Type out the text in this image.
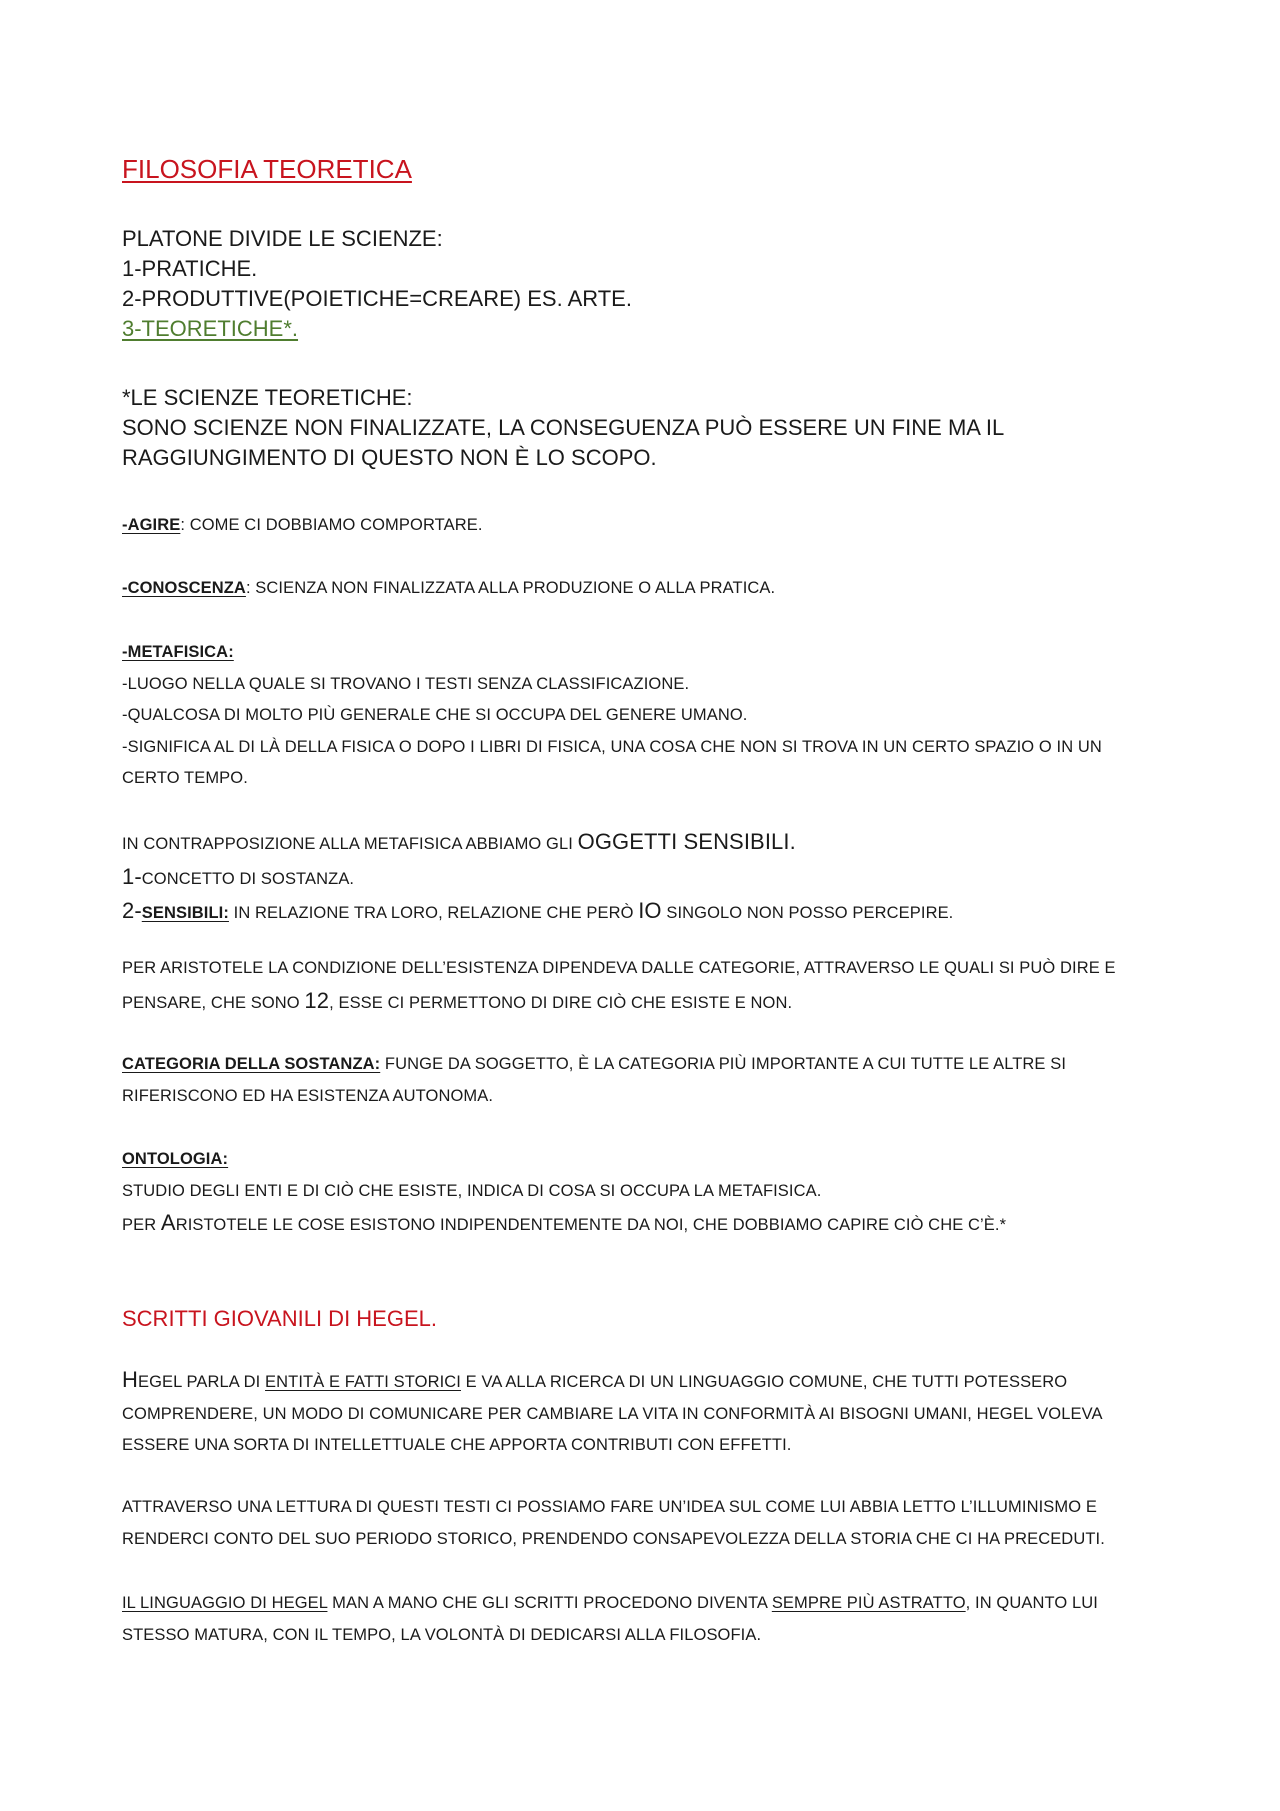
FILOSOFIA TEORETICA
PLATONE DIVIDE LE SCIENZE:
1-PRATICHE.
2-PRODUTTIVE(POIETICHE=CREARE) ES. ARTE.
3-TEORETICHE*.
*LE SCIENZE TEORETICHE:
SONO SCIENZE NON FINALIZZATE, LA CONSEGUENZA PUÒ ESSERE UN FINE MA IL
RAGGIUNGIMENTO DI QUESTO NON È LO SCOPO.
-AGIRE: COME CI DOBBIAMO COMPORTARE.
-CONOSCENZA: SCIENZA NON FINALIZZATA ALLA PRODUZIONE O ALLA PRATICA.
-METAFISICA:
-LUOGO NELLA QUALE SI TROVANO I TESTI SENZA CLASSIFICAZIONE.
-QUALCOSA DI MOLTO PIÙ GENERALE CHE SI OCCUPA DEL GENERE UMANO.
-SIGNIFICA AL DI LÀ DELLA FISICA O DOPO I LIBRI DI FISICA, UNA COSA CHE NON SI TROVA IN UN CERTO SPAZIO O IN UN
CERTO TEMPO.
IN CONTRAPPOSIZIONE ALLA METAFISICA ABBIAMO GLI OGGETTI SENSIBILI.
1-CONCETTO DI SOSTANZA.
2-SENSIBILI: IN RELAZIONE TRA LORO, RELAZIONE CHE PERÒ IO SINGOLO NON POSSO PERCEPIRE.
PER ARISTOTELE LA CONDIZIONE DELL’ESISTENZA DIPENDEVA DALLE CATEGORIE, ATTRAVERSO LE QUALI SI PUÒ DIRE E
PENSARE, CHE SONO 12, ESSE CI PERMETTONO DI DIRE CIÒ CHE ESISTE E NON.
CATEGORIA DELLA SOSTANZA: FUNGE DA SOGGETTO, È LA CATEGORIA PIÙ IMPORTANTE A CUI TUTTE LE ALTRE SI
RIFERISCONO ED HA ESISTENZA AUTONOMA.
ONTOLOGIA:
STUDIO DEGLI ENTI E DI CIÒ CHE ESISTE, INDICA DI COSA SI OCCUPA LA METAFISICA.
PER ARISTOTELE LE COSE ESISTONO INDIPENDENTEMENTE DA NOI, CHE DOBBIAMO CAPIRE CIÒ CHE C’È.*
SCRITTI GIOVANILI DI HEGEL.
HEGEL PARLA DI ENTITÀ E FATTI STORICI E VA ALLA RICERCA DI UN LINGUAGGIO COMUNE, CHE TUTTI POTESSERO
COMPRENDERE, UN MODO DI COMUNICARE PER CAMBIARE LA VITA IN CONFORMITÀ AI BISOGNI UMANI, HEGEL VOLEVA
ESSERE UNA SORTA DI INTELLETTUALE CHE APPORTA CONTRIBUTI CON EFFETTI.
ATTRAVERSO UNA LETTURA DI QUESTI TESTI CI POSSIAMO FARE UN’IDEA SUL COME LUI ABBIA LETTO L’ILLUMINISMO E
RENDERCI CONTO DEL SUO PERIODO STORICO, PRENDENDO CONSAPEVOLEZZA DELLA STORIA CHE CI HA PRECEDUTI.
IL LINGUAGGIO DI HEGEL MAN A MANO CHE GLI SCRITTI PROCEDONO DIVENTA SEMPRE PIÙ ASTRATTO, IN QUANTO LUI
STESSO MATURA, CON IL TEMPO, LA VOLONTÀ DI DEDICARSI ALLA FILOSOFIA.
